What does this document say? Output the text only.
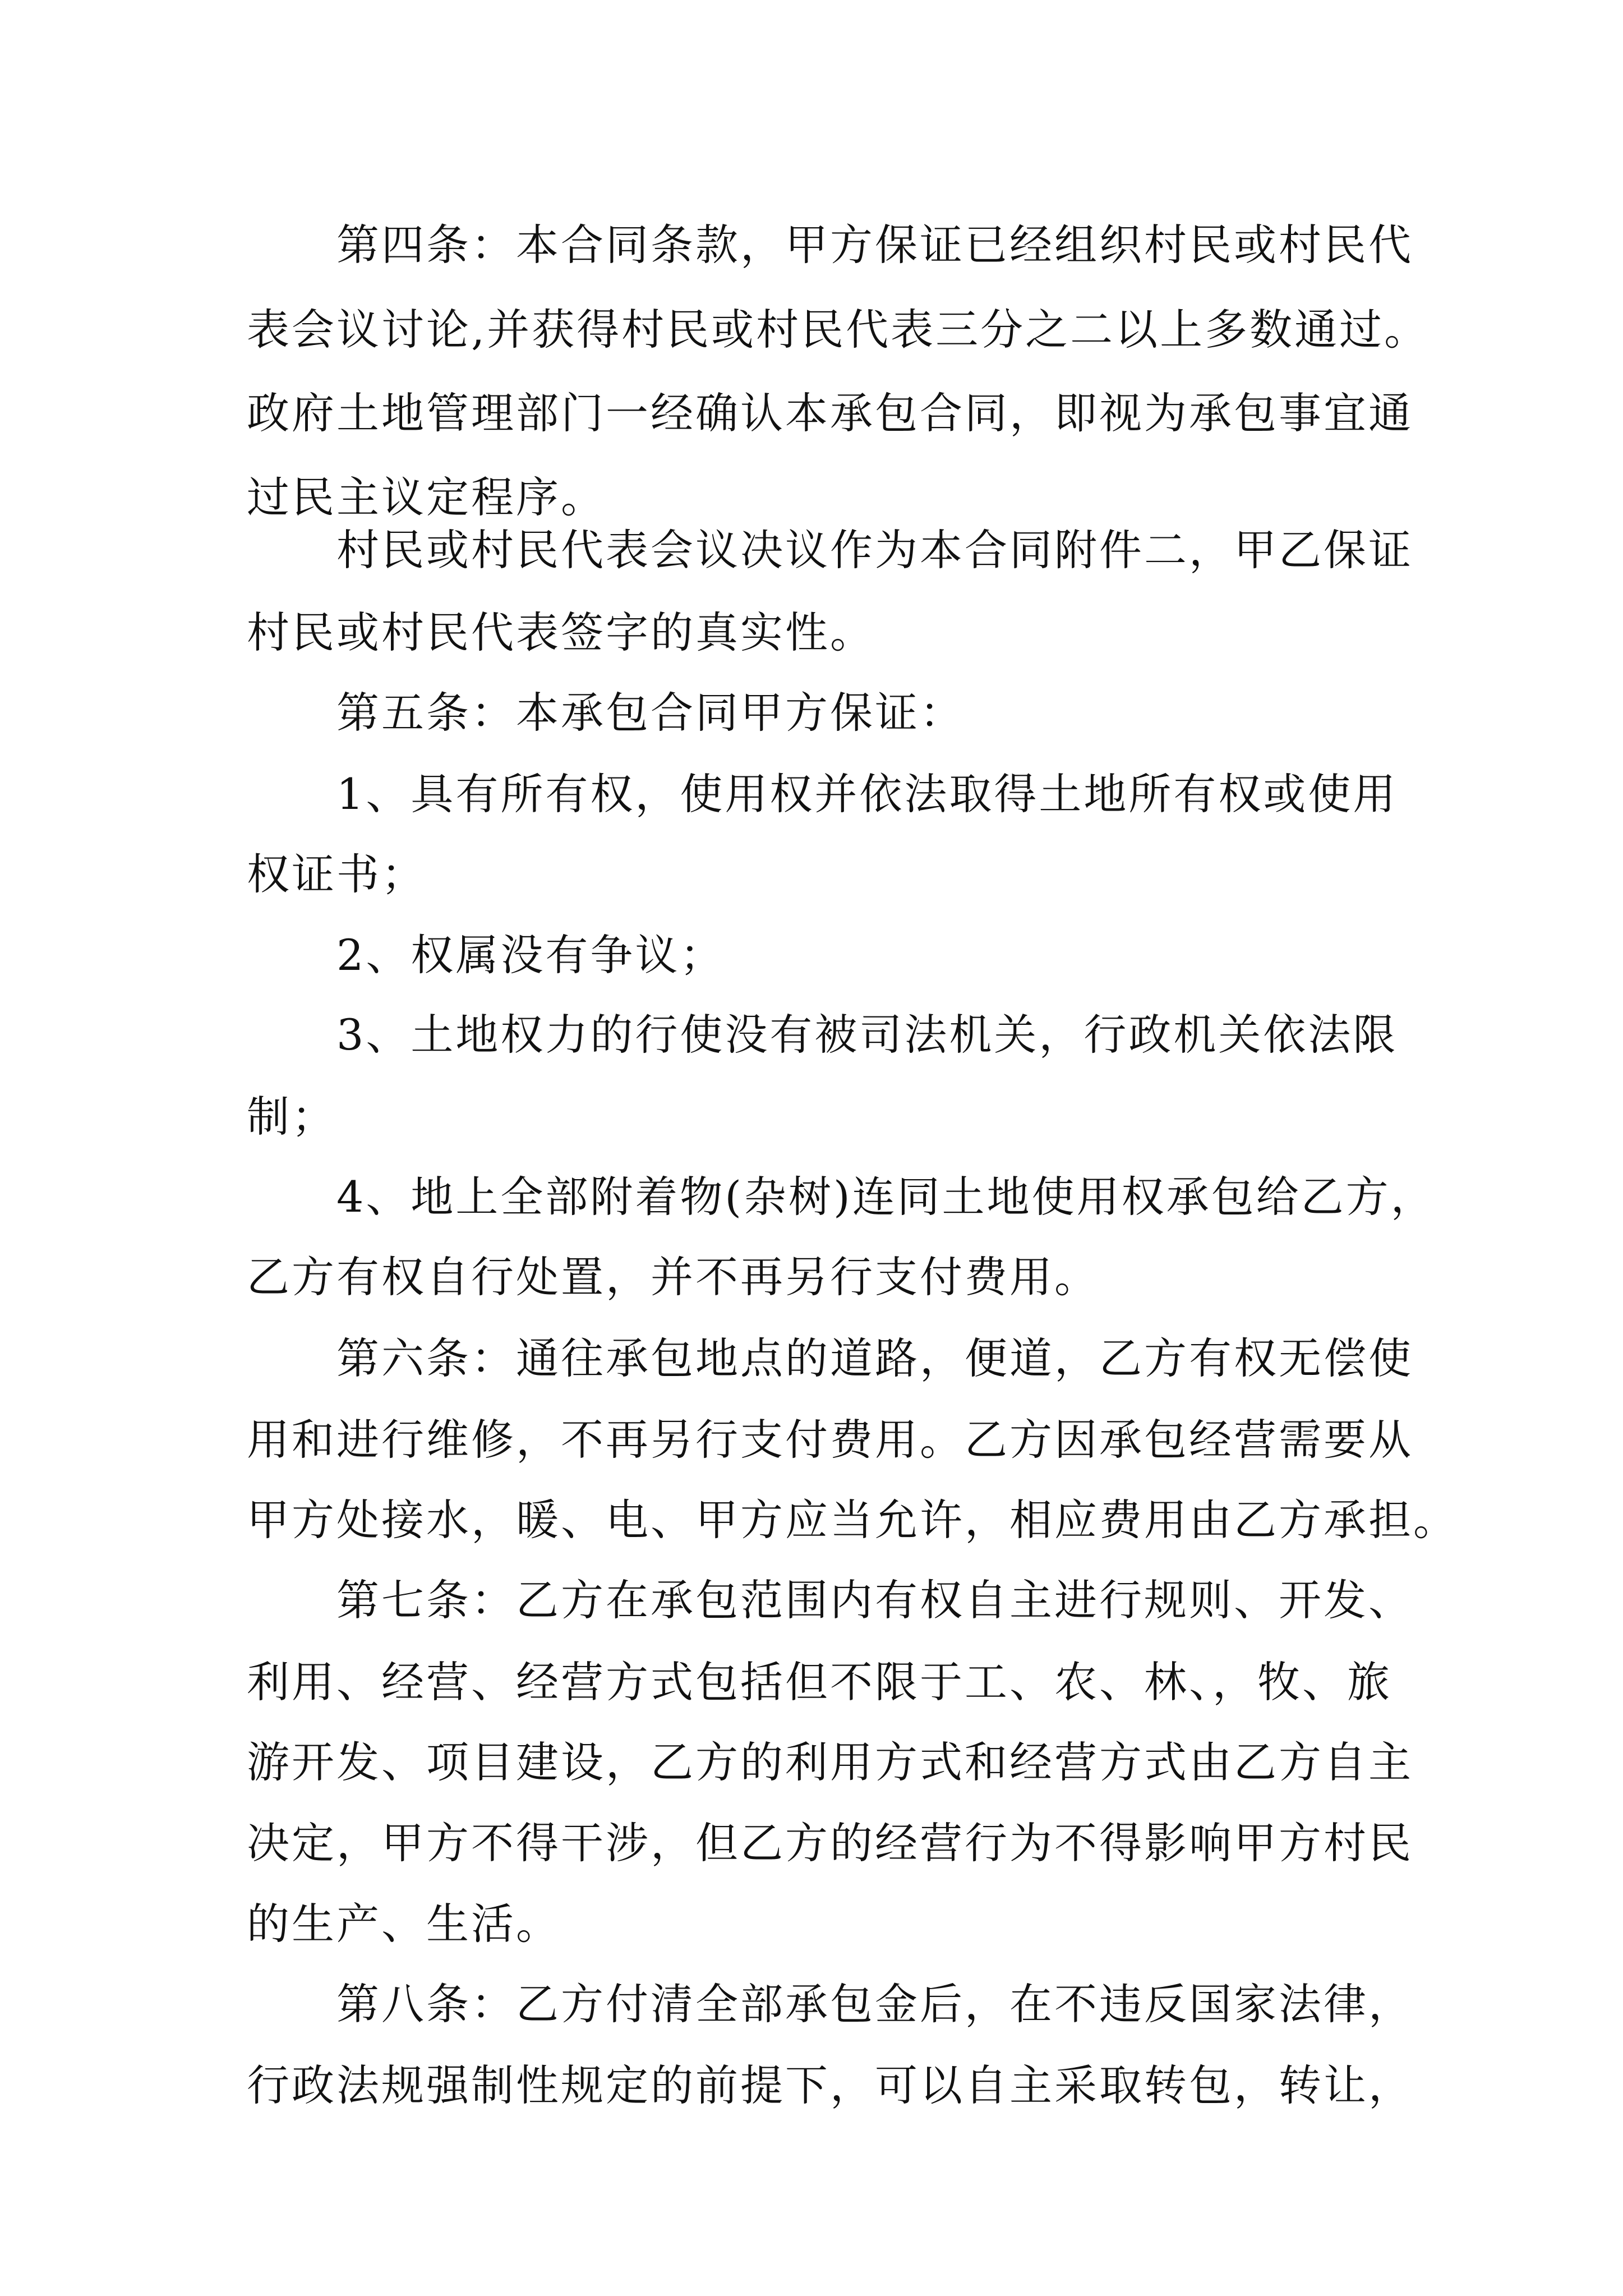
第四条：本合同条款，甲方保证已经组织村民或村民代
表会议讨论,并获得村民或村民代表三分之二以上多数通过。
政府土地管理部门一经确认本承包合同，即视为承包事宜通
过民主议定程序。
村民或村民代表会议决议作为本合同附件二，甲乙保证
村民或村民代表签字的真实性。
第五条：本承包合同甲方保证：
1、具有所有权，使用权并依法取得土地所有权或使用
权证书；
2、权属没有争议；
3、土地权力的行使没有被司法机关，行政机关依法限
制；
4、地上全部附着物(杂树)连同土地使用权承包给乙方，
乙方有权自行处置，并不再另行支付费用。
第六条：通往承包地点的道路，便道，乙方有权无偿使
用和进行维修，不再另行支付费用。乙方因承包经营需要从
甲方处接水，暖、电、甲方应当允许，相应费用由乙方承担。
第七条：乙方在承包范围内有权自主进行规则、开发、
利用、经营、经营方式包括但不限于工、农、林、，牧、旅
游开发、项目建设，乙方的利用方式和经营方式由乙方自主
决定，甲方不得干涉，但乙方的经营行为不得影响甲方村民
的生产、生活。
第八条：乙方付清全部承包金后，在不违反国家法律，
行政法规强制性规定的前提下，可以自主采取转包，转让，
